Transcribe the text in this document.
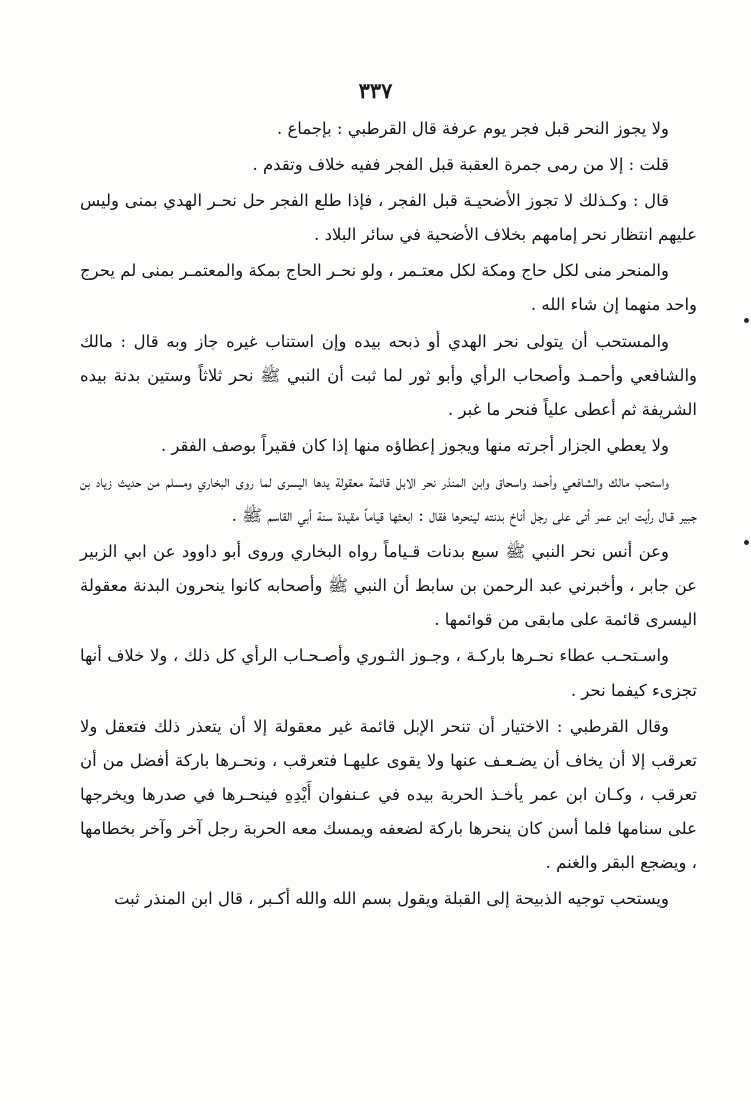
٣٣٧

ولا يجوز النحر قبل فجر يوم عرفة قال القرطبي : بإجماع .

قلت : إلا من رمى جمرة العقبة قبل الفجر ففيه خلاف وتقدم .

قال : وكـذلك لا تجوز الأضحيـة قبل الفجر ، فإذا طلع الفجر حل نحـر الهدي بمنى وليس عليهم انتظار نحر إمامهم بخلاف الأضحية في سائر البلاد .

والمنحر منى لكل حاج ومكة لكل معتـمر ، ولو نحـر الحاج بمكة والمعتمـر بمنى لم يحرج واحد منهما إن شاء الله .

والمستحب أن يتولى نحر الهدي أو ذبحه بيده وإن استناب غيره جاز وبه قال : مالك والشافعي وأحمـد وأصحاب الرأي وأبو ثور لما ثبت أن النبي ﷺ نحر ثلاثاً وستين بدنة بيده الشريفة ثم أعطى علياً فنحر ما غبر .

ولا يعطي الجزار أجرته منها ويجوز إعطاؤه منها إذا كان فقيراً بوصف الفقر .

واستحب مالك والشافعي وأحمد واسحاق وابن المنذر نحر الابل قائمة معقولة يدها اليسرى لما روى البخاري ومسلم من حديث زياد بن جبير قـال رأيت ابن عمر أتى على رجل أناخ بدنته لينحرها فقال : ابعثها قياماً مقيدة سنة أبي القاسم ﷺ .

وعن أنس نحر النبي ﷺ سبع بدنات قـياماً رواه البخاري وروى أبو داوود عن ابي الزبير عن جابر ، وأخبرني عبد الرحمن بن سابط أن النبي ﷺ وأصحابه كانوا ينحرون البدنة معقولة اليسرى قائمة على مابقى من قوائمها .

واسـتحـب عطاء نحـرها باركـة ، وجـوز الثـوري وأصـحـاب الرأي كل ذلك ، ولا خلاف أنها تجزىء كيفما نحر .

وقال القرطبي : الاختيار أن تنحر الإبل قائمة غير معقولة إلا أن يتعذر ذلك فتعقل ولا تعرقب إلا أن يخاف أن يضـعـف عنها ولا يقوى عليهـا فتعرقب ، ونحـرها باركة أفضل من أن تعرقب ، وكـان ابن عمر يأخـذ الحربة بيده في عـنفوان أَيْدِهِ فينحـرها في صدرها ويخرجها على سنامها فلما أسن كان ينحرها باركة لضعفه ويمسك معه الحربة رجل آخر وآخر بخطامها ، ويضجع البقر والغنم .

ويستحب توجيه الذبيحة إلى القبلة ويقول بسم الله والله أكـبر ، قال ابن المنذر ثبت
